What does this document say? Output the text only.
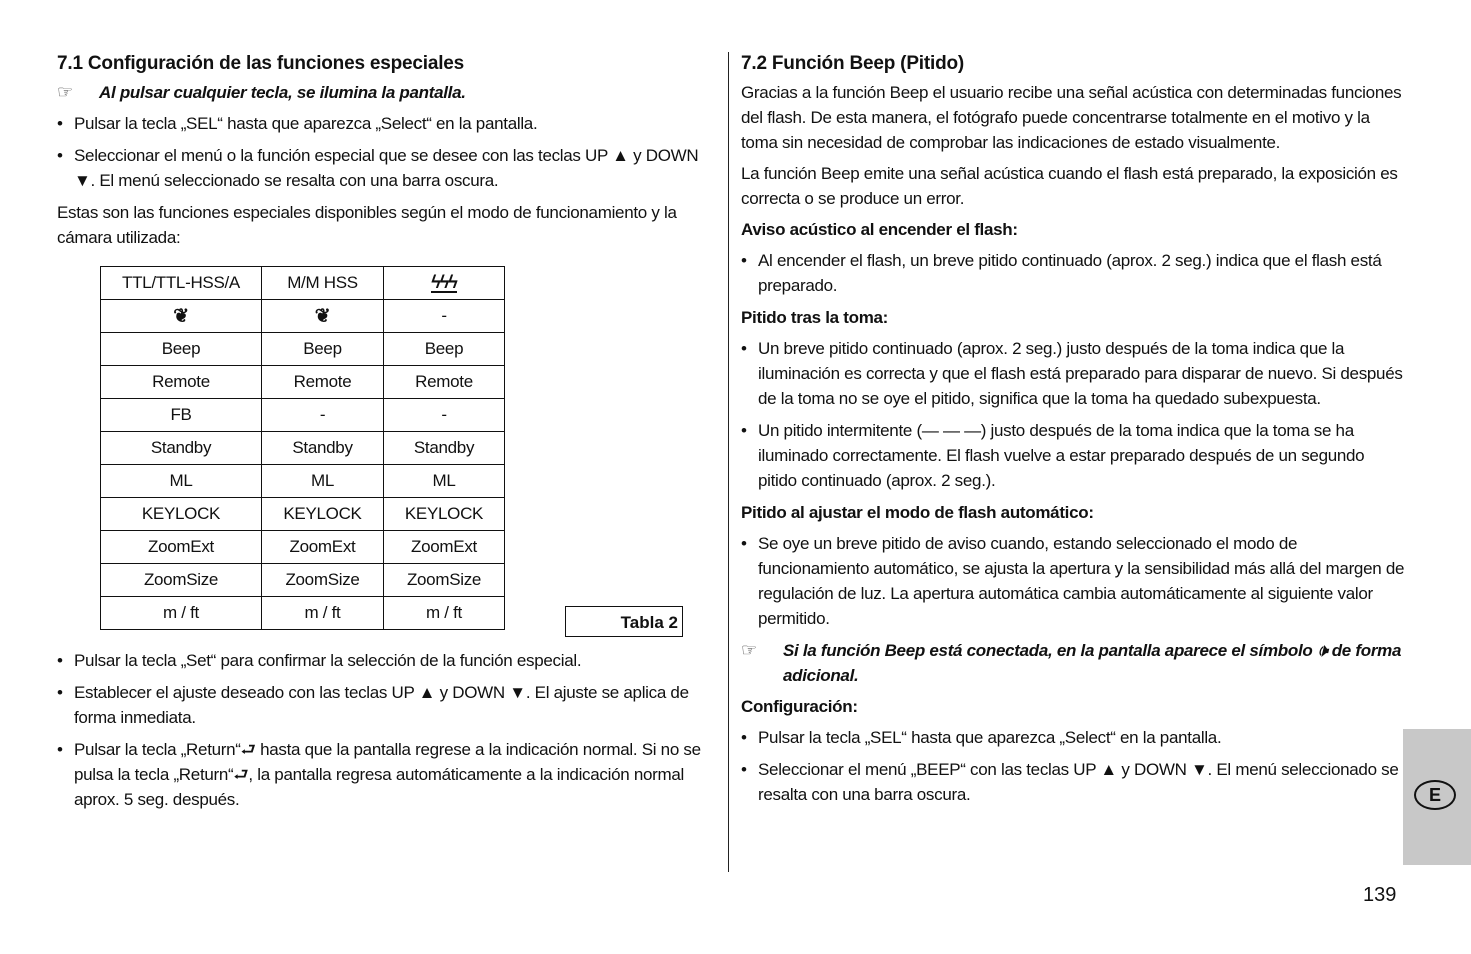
7.1 Configuración de las funciones especiales
☞	Al pulsar cualquier tecla, se ilumina la pantalla.
• Pulsar la tecla „SEL“ hasta que aparezca „Select“ en la pantalla.
• Seleccionar el menú o la función especial que se desee con las teclas UP ▲ y DOWN ▼. El menú seleccionado se resalta con una barra oscura.

Estas son las funciones especiales disponibles según el modo de funcionamiento y la cámara utilizada:

TTL/TTL-HSS/A	M/M HSS	ϟϟϟ
❦	❦	-
Beep	Beep	Beep
Remote	Remote	Remote
FB	-	-
Standby	Standby	Standby
ML	ML	ML
KEYLOCK	KEYLOCK	KEYLOCK
ZoomExt	ZoomExt	ZoomExt
ZoomSize	ZoomSize	ZoomSize
m / ft	m / ft	m / ft
Tabla 2
• Pulsar la tecla „Set“ para confirmar la selección de la función especial.
• Establecer el ajuste deseado con las teclas UP ▲ y DOWN ▼. El ajuste se aplica de forma inmediata.
• Pulsar la tecla „Return“⮐ hasta que la pantalla regrese a la indicación normal. Si no se pulsa la tecla „Return“⮐, la pantalla regresa automáticamente a la indicación normal aprox. 5 seg. después.
7.2 Función Beep (Pitido)

Gracias a la función Beep el usuario recibe una señal acústica con determinadas funciones del flash. De esta manera, el fotógrafo puede concentrarse totalmente en el motivo y la toma sin necesidad de comprobar las indicaciones de estado visualmente.

La función Beep emite una señal acústica cuando el flash está preparado, la exposición es correcta o se produce un error.

Aviso acústico al encender el flash:
• Al encender el flash, un breve pitido continuado (aprox. 2 seg.) indica que el flash está preparado.
Pitido tras la toma:
• Un breve pitido continuado (aprox. 2 seg.) justo después de la toma indica que la iluminación es correcta y que el flash está preparado para disparar de nuevo. Si después de la toma no se oye el pitido, significa que la toma ha quedado subexpuesta.
• Un pitido intermitente (— — —) justo después de la toma indica que la toma se ha iluminado correctamente. El flash vuelve a estar preparado después de un segundo pitido continuado (aprox. 2 seg.).
Pitido al ajustar el modo de flash automático:
• Se oye un breve pitido de aviso cuando, estando seleccionado el modo de funcionamiento automático, se ajusta la apertura y la sensibilidad más allá del margen de regulación de luz. La apertura automática cambia automáticamente al siguiente valor permitido.
☞	Si la función Beep está conectada, en la pantalla aparece el símbolo 🕩 de forma adicional.
Configuración:
• Pulsar la tecla „SEL“ hasta que aparezca „Select“ en la pantalla.
• Seleccionar el menú „BEEP“ con las teclas UP ▲ y DOWN ▼. El menú seleccionado se resalta con una barra oscura.	E
139
